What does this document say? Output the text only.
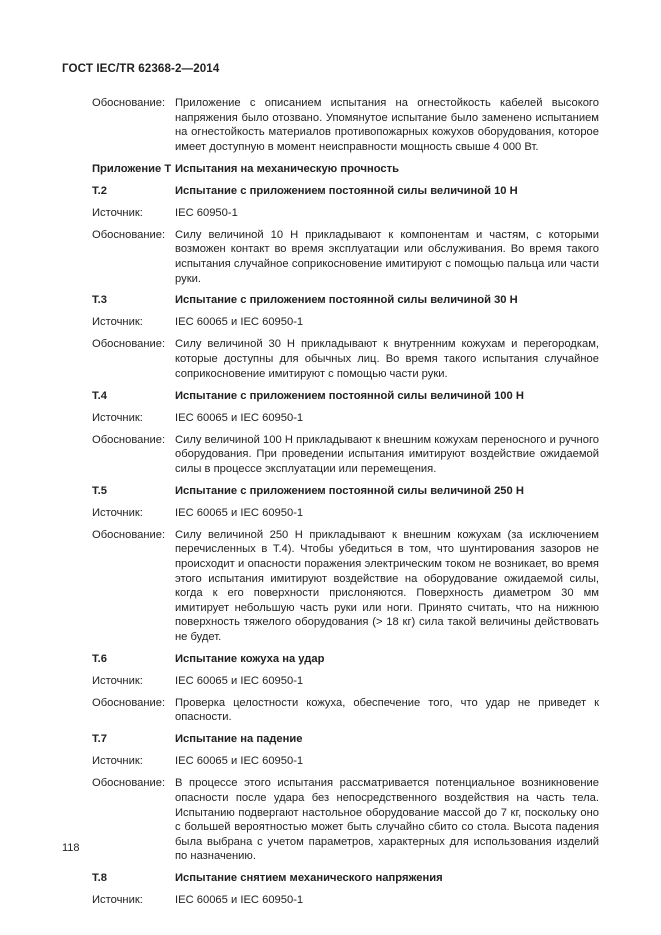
ГОСТ IEC/TR 62368-2—2014
Обоснование: Приложение с описанием испытания на огнестойкость кабелей высокого напряжения было отозвано. Упомянутое испытание было заменено испытанием на огнестойкость материалов противопожарных кожухов оборудования, которое имеет доступную в момент неисправности мощность свыше 4 000 Вт.
Приложение Т Испытания на механическую прочность
T.2	Испытание с приложением постоянной силы величиной 10 Н
Источник:	IEC 60950-1
Обоснование: Силу величиной 10 Н прикладывают к компонентам и частям, с которыми возможен контакт во время эксплуатации или обслуживания. Во время такого испытания случайное соприкосновение имитируют с помощью пальца или части руки.
T.3	Испытание с приложением постоянной силы величиной 30 Н
Источник:	IEC 60065 и IEC 60950-1
Обоснование: Силу величиной 30 Н прикладывают к внутренним кожухам и перегородкам, которые доступны для обычных лиц. Во время такого испытания случайное соприкосновение имитируют с помощью части руки.
T.4	Испытание с приложением постоянной силы величиной 100 Н
Источник:	IEC 60065 и IEC 60950-1
Обоснование: Силу величиной 100 Н прикладывают к внешним кожухам переносного и ручного оборудования. При проведении испытания имитируют воздействие ожидаемой силы в процессе эксплуатации или перемещения.
T.5	Испытание с приложением постоянной силы величиной 250 Н
Источник:	IEC 60065 и IEC 60950-1
Обоснование: Силу величиной 250 Н прикладывают к внешним кожухам (за исключением перечисленных в Т.4). Чтобы убедиться в том, что шунтирования зазоров не происходит и опасности поражения электрическим током не возникает, во время этого испытания имитируют воздействие на оборудование ожидаемой силы, когда к его поверхности прислоняются. Поверхность диаметром 30 мм имитирует небольшую часть руки или ноги. Принято считать, что на нижнюю поверхность тяжелого оборудования (> 18 кг) сила такой величины действовать не будет.
T.6	Испытание кожуха на удар
Источник:	IEC 60065 и IEC 60950-1
Обоснование: Проверка целостности кожуха, обеспечение того, что удар не приведет к опасности.
T.7	Испытание на падение
Источник:	IEC 60065 и IEC 60950-1
Обоснование: В процессе этого испытания рассматривается потенциальное возникновение опасности после удара без непосредственного воздействия на часть тела. Испытанию подвергают настольное оборудование массой до 7 кг, поскольку оно с большей вероятностью может быть случайно сбито со стола. Высота падения была выбрана с учетом параметров, характерных для использования изделий по назначению.
T.8	Испытание снятием механического напряжения
Источник:	IEC 60065 и IEC 60950-1
118
